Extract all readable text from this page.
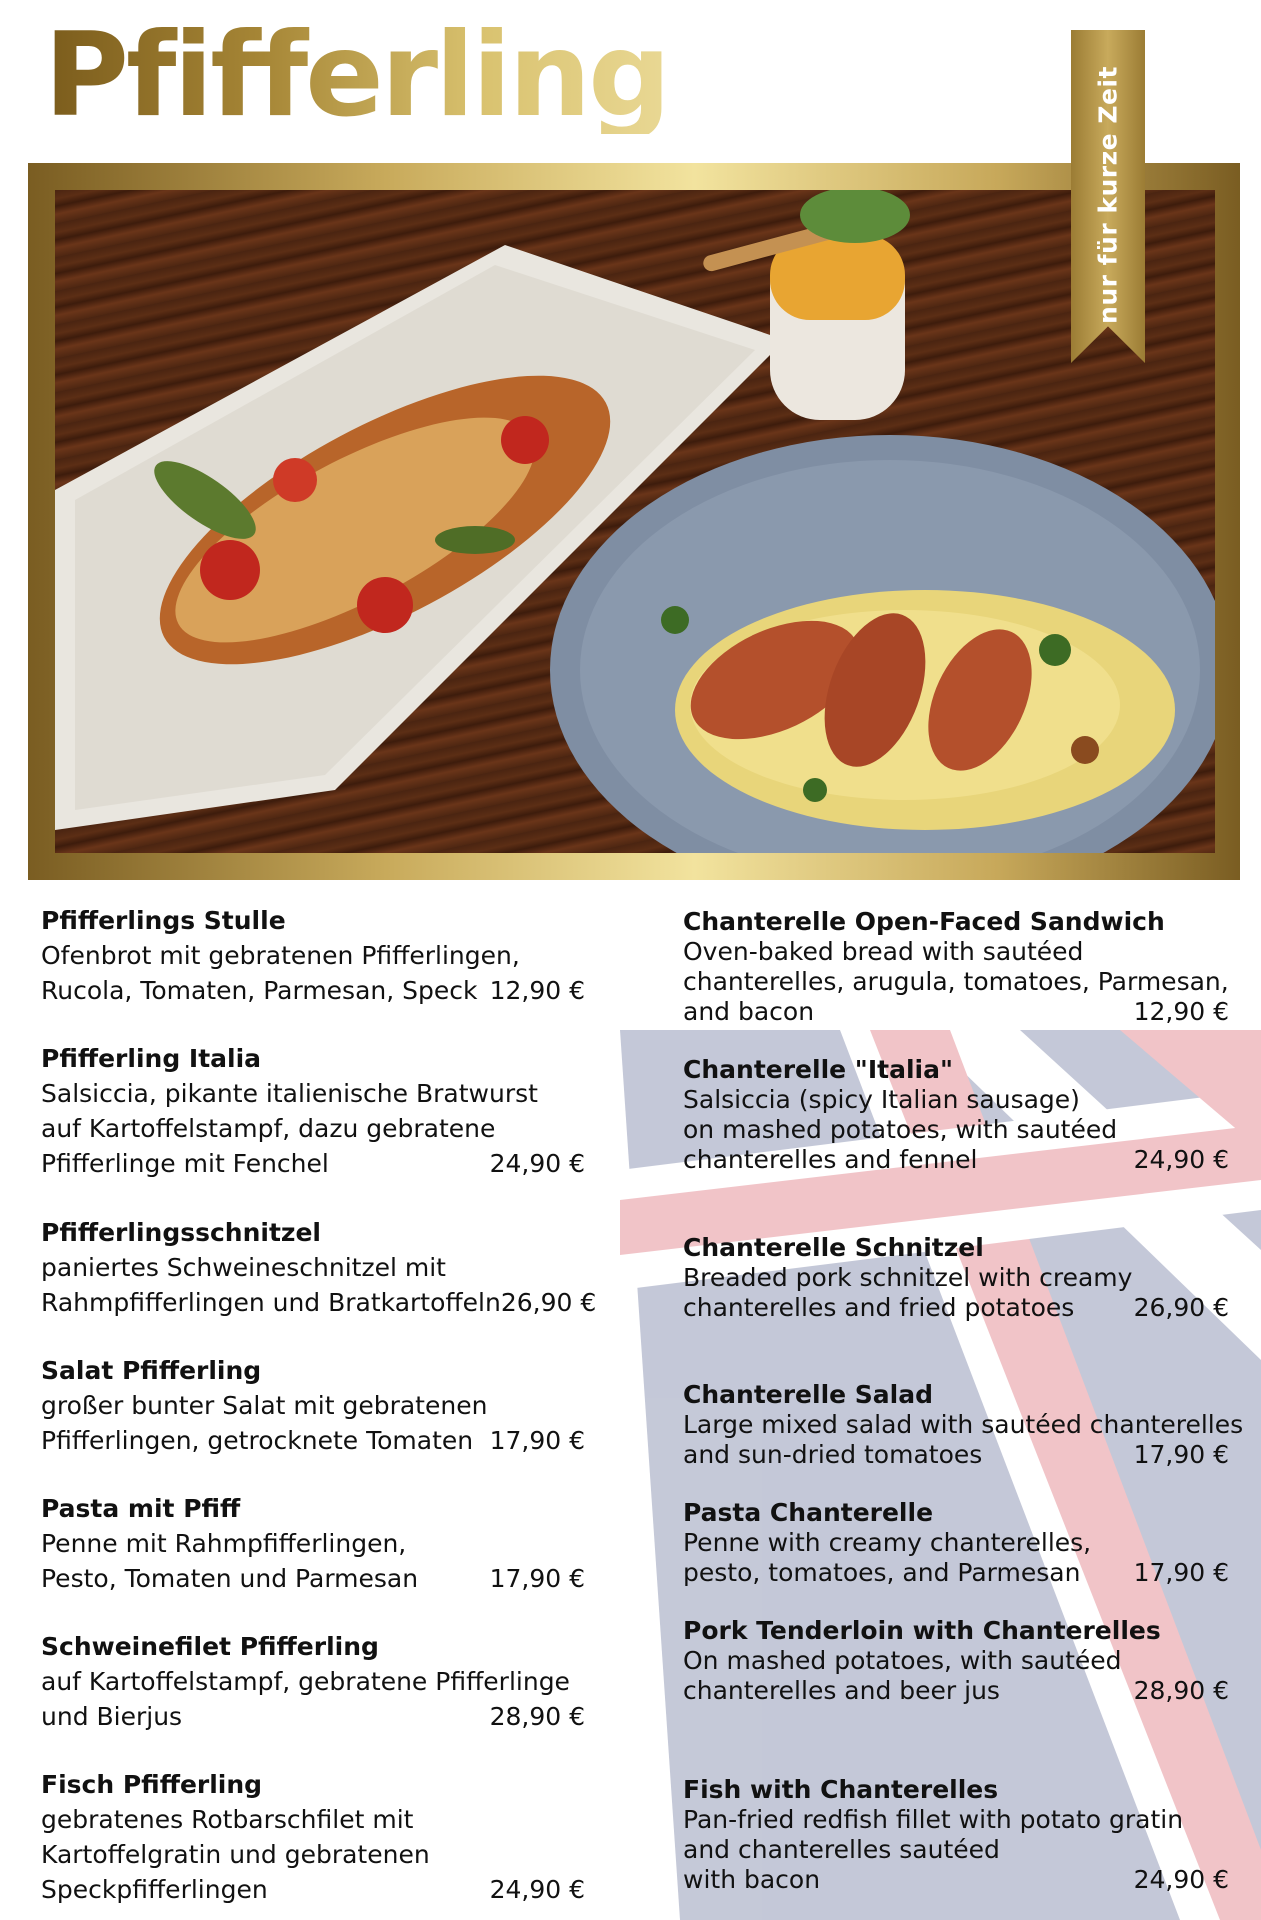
Pfifferling	nur für kurze Zeit
Pfifferlings Stulle
Ofenbrot mit gebratenen Pfifferlingen,
Rucola, Tomaten, Parmesan, Speck 12,90 €
Pfifferling Italia
Salsiccia, pikante italienische Bratwurst
auf Kartoffelstampf, dazu gebratene
Pfifferlinge mit Fenchel	24,90 €
Pfifferlingsschnitzel
paniertes Schweineschnitzel mit
Rahmpfifferlingen und Bratkartoffeln 26,90 €
Salat Pfifferling
großer bunter Salat mit gebratenen
Pfifferlingen, getrocknete Tomaten 17,90 €
Pasta mit Pfiff
Penne mit Rahmpfifferlingen,
Pesto, Tomaten und Parmesan	17,90 €
Schweinefilet Pfifferling
auf Kartoffelstampf, gebratene Pfifferlinge
und Bierjus	28,90 €
Fisch Pfifferling
gebratenes Rotbarschfilet mit
Kartoffelgratin und gebratenen
Speckpfifferlingen	24,90 €
Chanterelle Open-Faced Sandwich
Oven-baked bread with sautéed
chanterelles, arugula, tomatoes, Parmesan,
and bacon	12,90 €
Chanterelle "Italia"
Salsiccia (spicy Italian sausage)
on mashed potatoes, with sautéed
chanterelles and fennel	24,90 €
Chanterelle Schnitzel
Breaded pork schnitzel with creamy
chanterelles and fried potatoes 26,90 €
Chanterelle Salad
Large mixed salad with sautéed chanterelles
and sun-dried tomatoes	17,90 €
Pasta Chanterelle
Penne with creamy chanterelles,
pesto, tomatoes, and Parmesan 17,90 €
Pork Tenderloin with Chanterelles
On mashed potatoes, with sautéed
chanterelles and beer jus	28,90 €
Fish with Chanterelles
Pan-fried redfish fillet with potato gratin
and chanterelles sautéed
with bacon	24,90 €
